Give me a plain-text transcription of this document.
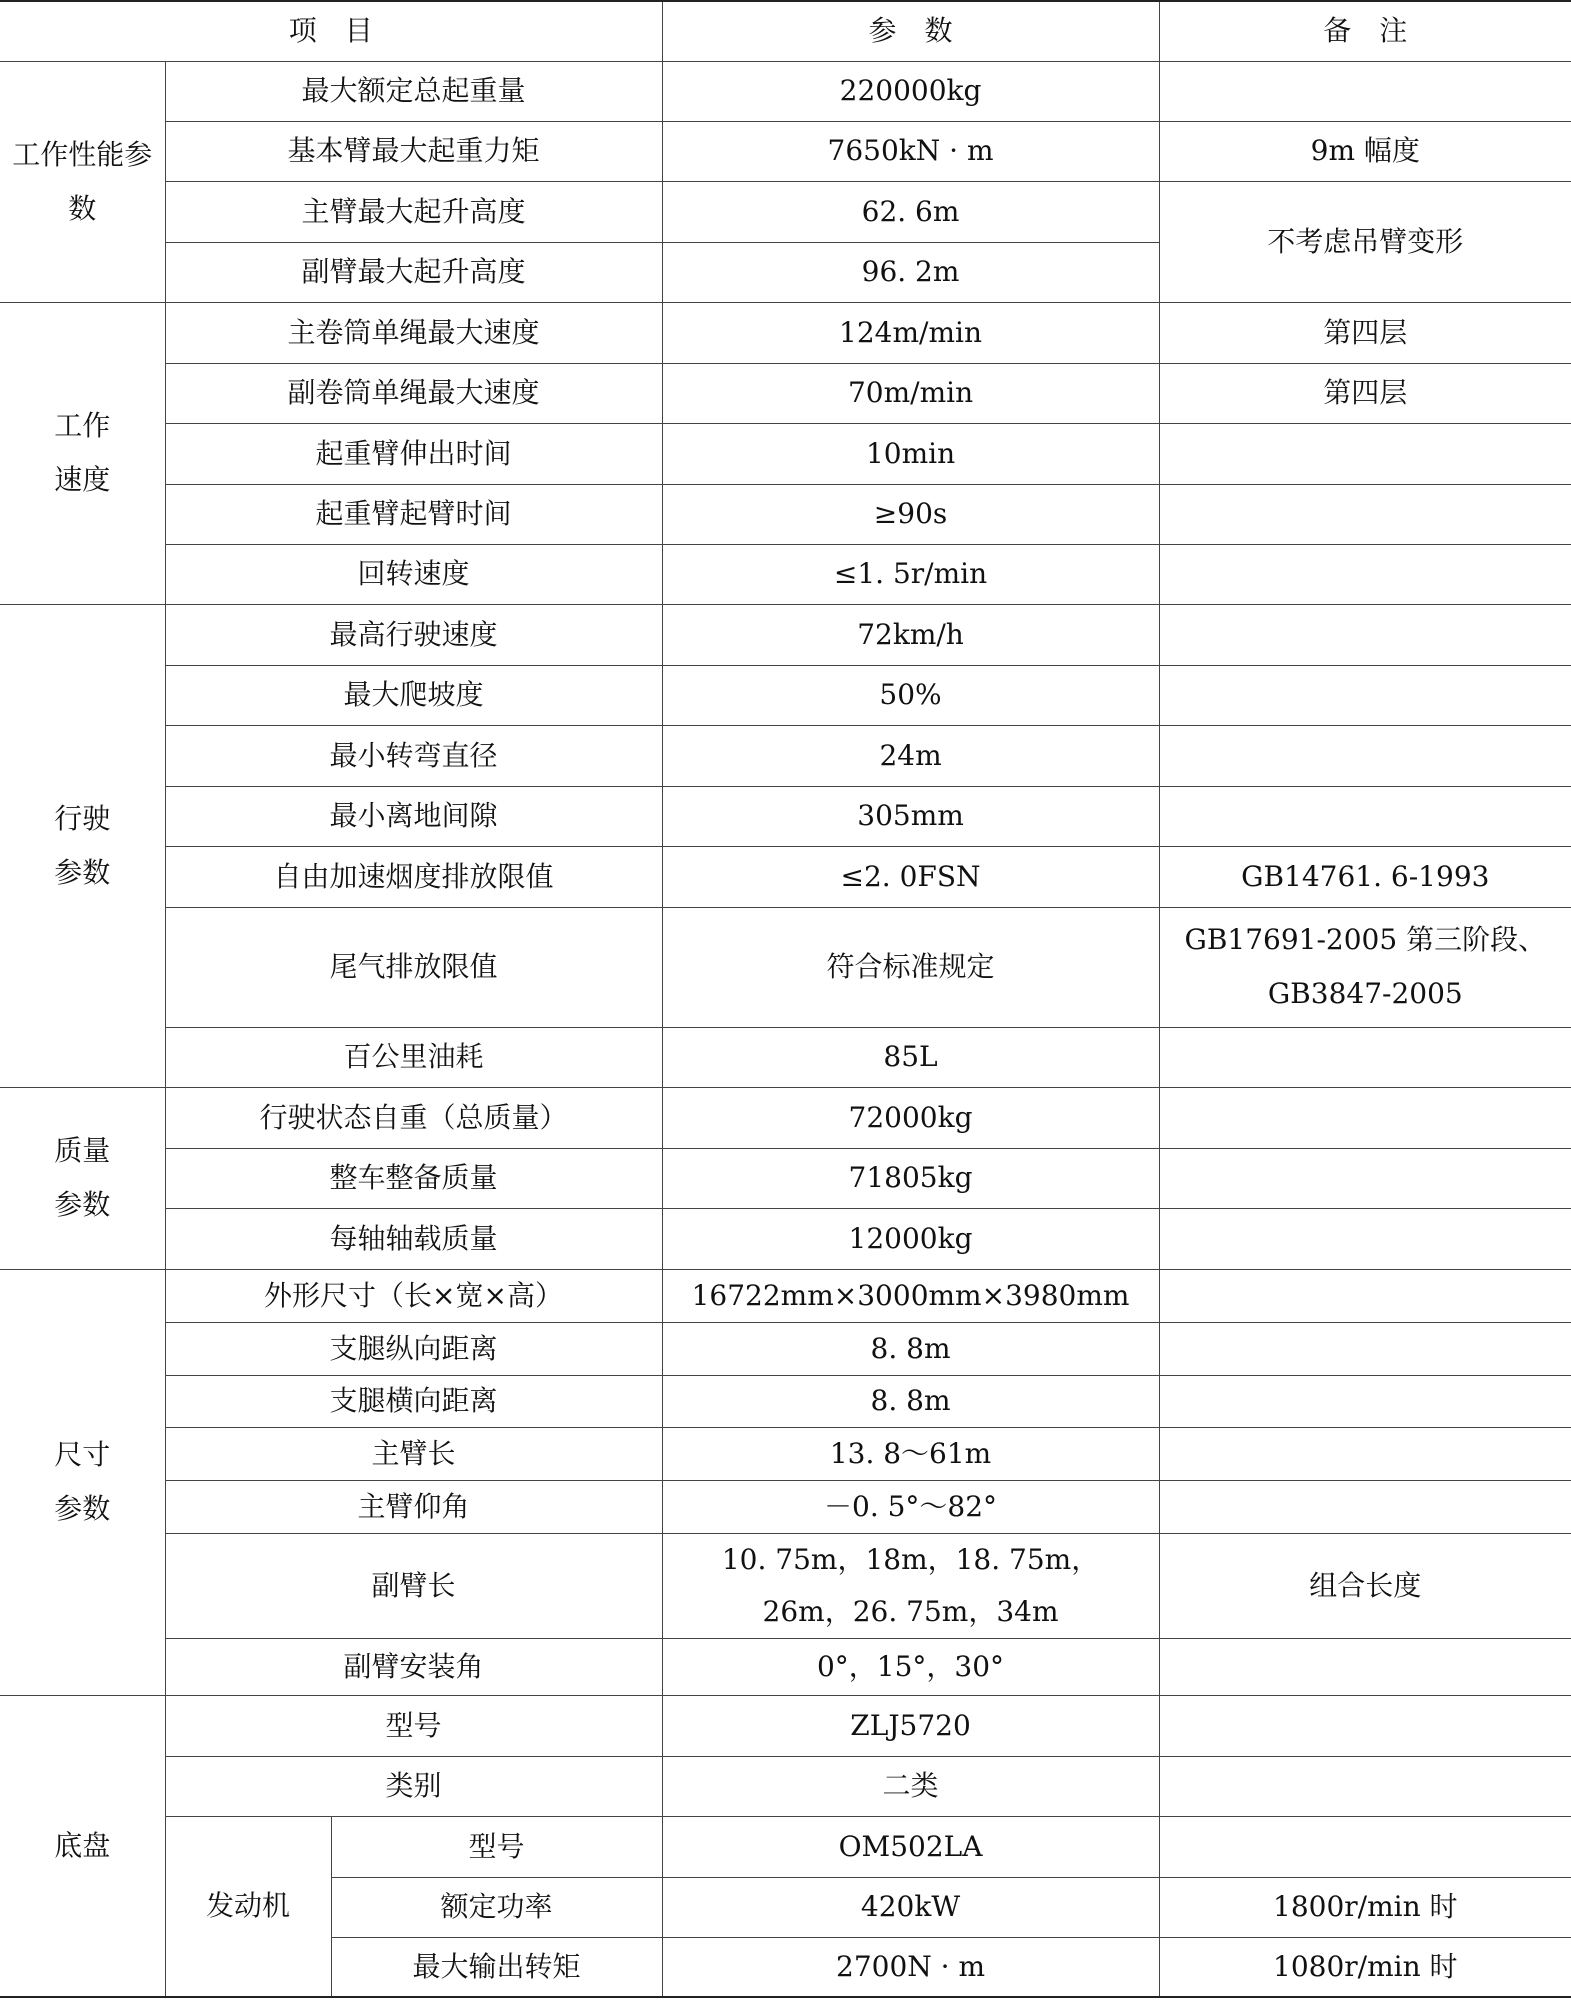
项　目			参　数	备　注
工作性能参数	最大额定总起重量		220000kg	
	基本臂最大起重力矩		7650kN · m	9m 幅度
	主臂最大起升高度		62. 6m	不考虑吊臂变形
	副臂最大起升高度		96. 2m	
工作速度	主卷筒单绳最大速度		124m/min	第四层
	副卷筒单绳最大速度		70m/min	第四层
	起重臂伸出时间		10min	
	起重臂起臂时间		≥90s	
	回转速度		≤1. 5r/min	
行驶参数	最高行驶速度		72km/h	
	最大爬坡度		50%	
	最小转弯直径		24m	
	最小离地间隙		305mm	
	自由加速烟度排放限值		≤2. 0FSN	GB14761. 6-1993
	尾气排放限值		符合标准规定	GB17691-2005 第三阶段、
GB3847-2005

	百公里油耗		85L	
质量参数	行驶状态自重（总质量）		72000kg	
	整车整备质量		71805kg	
	每轴轴载质量		12000kg	
尺寸参数	外形尺寸（长×宽×高）		16722mm×3000mm×3980mm	
	支腿纵向距离		8. 8m	
	支腿横向距离		8. 8m	
	主臂长		13. 8～61m	
	主臂仰角		－0. 5°～82°	
	副臂长		10. 75m，18m，18. 75m，
26m，26. 75m，34m	组合长度
	副臂安装角		0°，15°，30°	
底盘	型号		ZLJ5720	
	类别		二类	
	发动机	型号	OM502LA	
		额定功率	420kW	1800r/min 时
		最大输出转矩	2700N · m	1080r/min 时
